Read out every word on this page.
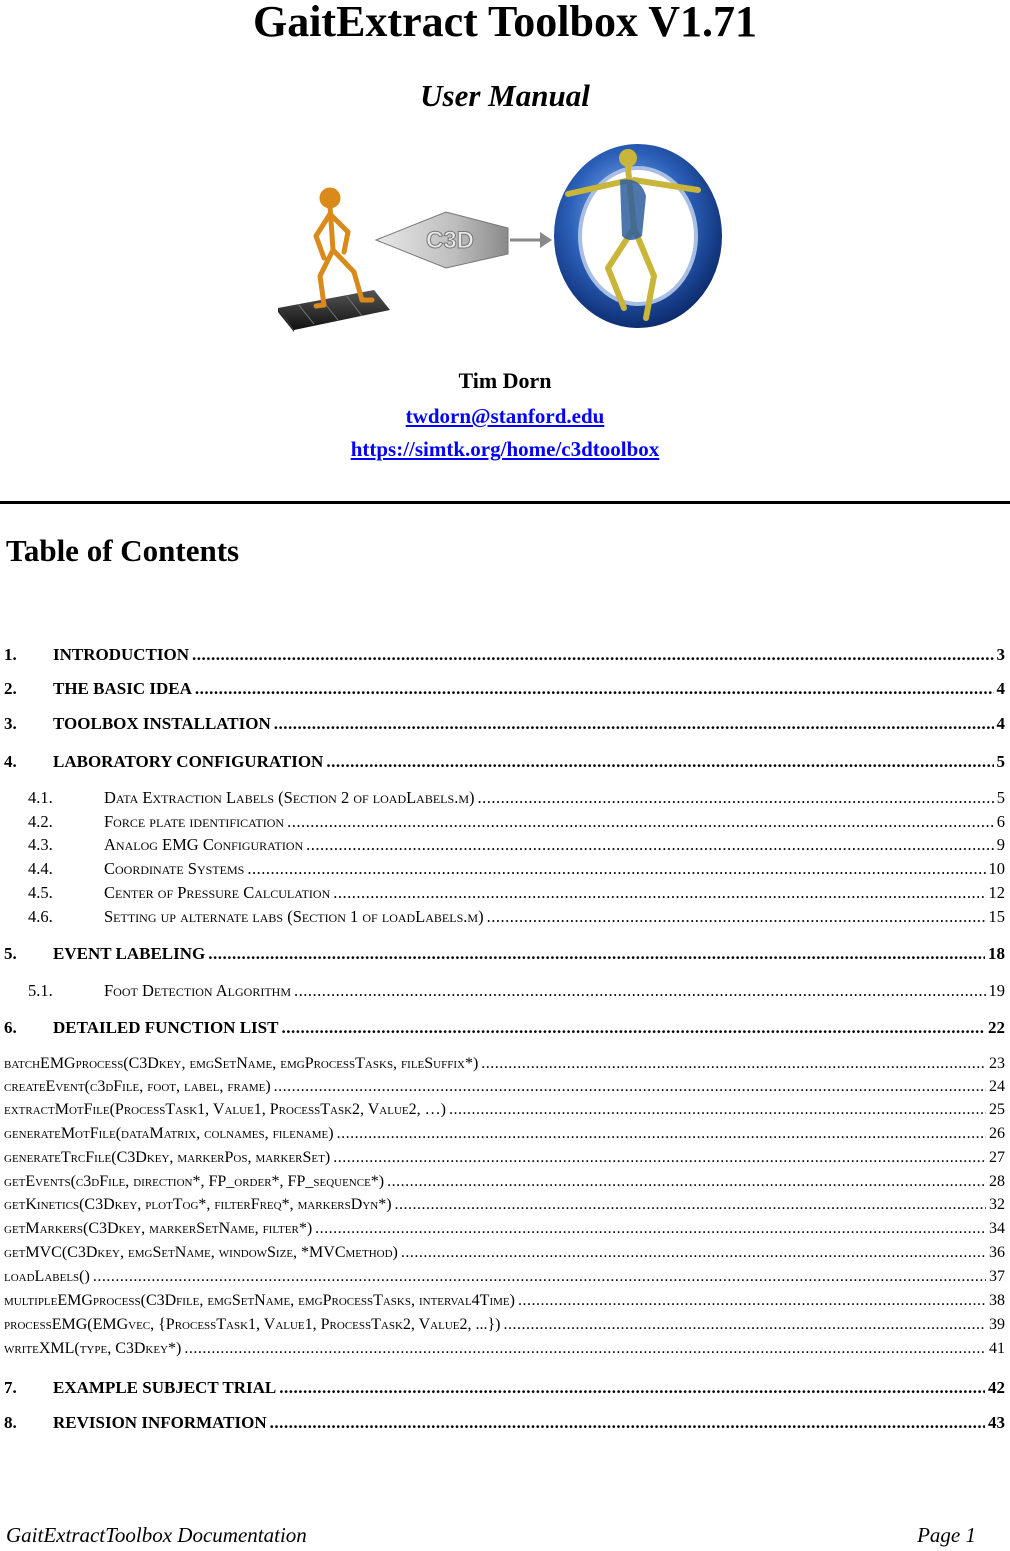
GaitExtract Toolbox V1.71
User Manual
C3D
Tim Dorn
twdorn@stanford.edu
https://simtk.org/home/c3dtoolbox
Table of Contents
1. INTRODUCTION .....	3
2. THE BASIC IDEA .....	4
3. TOOLBOX INSTALLATION .....	4
4. LABORATORY CONFIGURATION .....	5
4.1.	Data Extraction Labels (Section 2 of loadLabels.m) .....	5
4.2.	Force plate identification .....	6
4.3.	Analog EMG Configuration .....	9
4.4.	Coordinate Systems .....	10
4.5.	Center of Pressure Calculation .....	12
4.6.	Setting up alternate labs (Section 1 of loadLabels.m) .....	15
5. EVENT LABELING .....	18
5.1.	Foot Detection Algorithm .....	19
6. DETAILED FUNCTION LIST .....	22
batchEMGprocess(C3Dkey, emgSetName, emgProcessTasks, fileSuffix*) .....	23
createEvent(c3dFile, foot, label, frame) .....	24
extractMotFile(ProcessTask1, Value1, ProcessTask2, Value2, …) .....	25
generateMotFile(dataMatrix, colnames, filename) .....	26
generateTrcFile(C3Dkey, markerPos, markerSet) .....	27
getEvents(c3dFile, direction*, FP_order*, FP_sequence*) .....	28
getKinetics(C3Dkey, plotTog*, filterFreq*, markersDyn*) .....	32
getMarkers(C3Dkey, markerSetName, filter*) .....	34
getMVC(C3Dkey, emgSetName, windowSize, *MVCmethod) .....	36
loadLabels() .....	37
multipleEMGprocess(C3Dfile, emgSetName, emgProcessTasks, interval4Time) .....	38
processEMG(EMGvec, {ProcessTask1, Value1, ProcessTask2, Value2, ...}) .....	39
writeXML(type, C3Dkey*) .....	41
7. EXAMPLE SUBJECT TRIAL .....	42
8. REVISION INFORMATION .....	43
GaitExtractToolbox Documentation	Page 1
